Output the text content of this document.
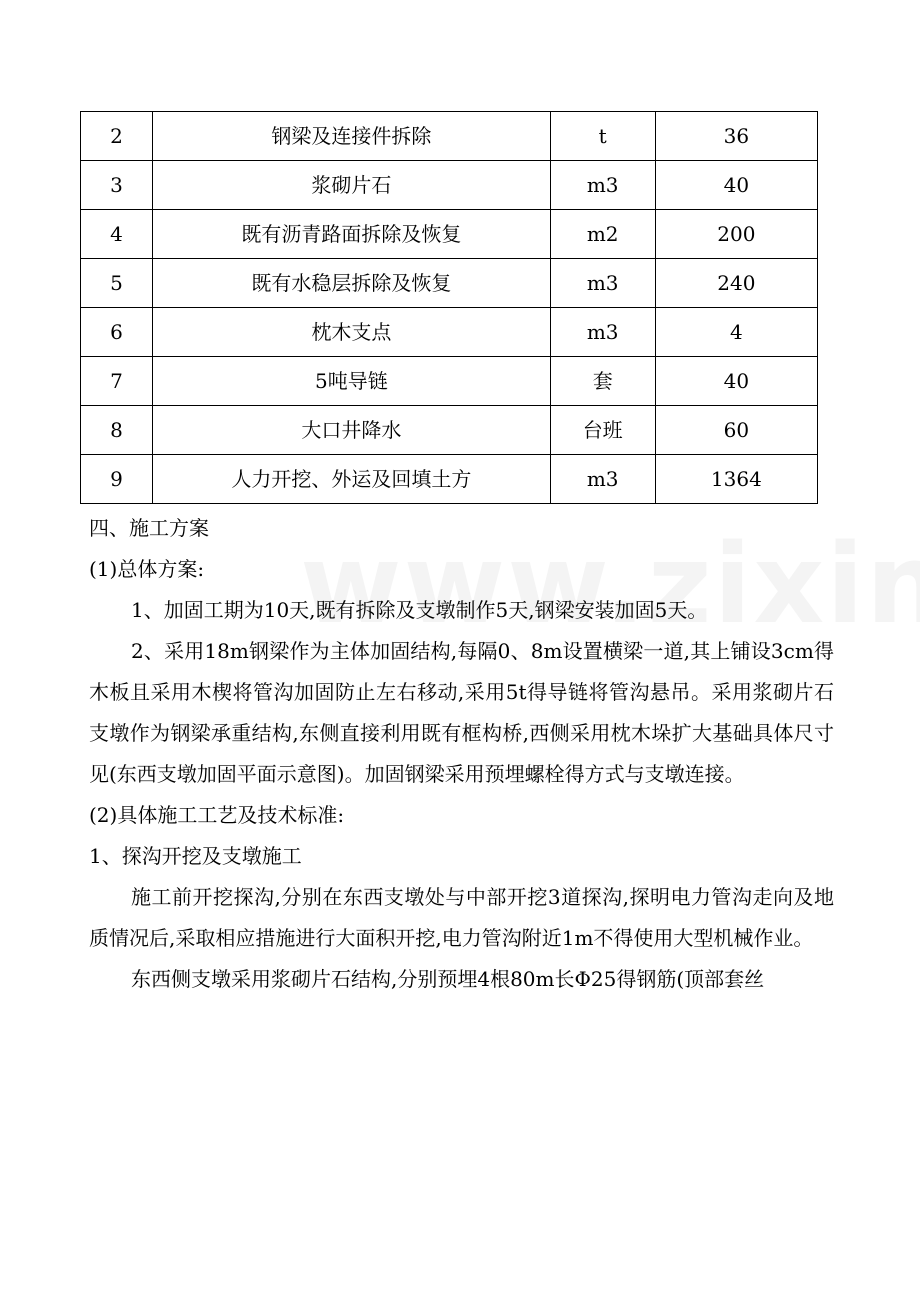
2	钢梁及连接件拆除	t	36
3	浆砌片石	m3	40
4	既有沥青路面拆除及恢复	m2	200
5	既有水稳层拆除及恢复	m3	240
6	枕木支点	m3	4
7	5吨导链	套	40
8	大口井降水	台班	60
9	人力开挖、外运及回填土方	m3	1364

四、施工方案

(1)总体方案:

1、加固工期为10天,既有拆除及支墩制作5天,钢梁安装加固5天。

2、采用18m钢梁作为主体加固结构,每隔0、8m设置横梁一道,其上铺设3cm得木板且采用木楔将管沟加固防止左右移动,采用5t得导链将管沟悬吊。采用浆砌片石支墩作为钢梁承重结构,东侧直接利用既有框构桥,西侧采用枕木垛扩大基础具体尺寸见(东西支墩加固平面示意图)。加固钢梁采用预埋螺栓得方式与支墩连接。

(2)具体施工工艺及技术标准:

1、探沟开挖及支墩施工

施工前开挖探沟,分别在东西支墩处与中部开挖3道探沟,探明电力管沟走向及地质情况后,采取相应措施进行大面积开挖,电力管沟附近1m不得使用大型机械作业。

东西侧支墩采用浆砌片石结构,分别预埋4根80m长Φ25得钢筋(顶部套丝
